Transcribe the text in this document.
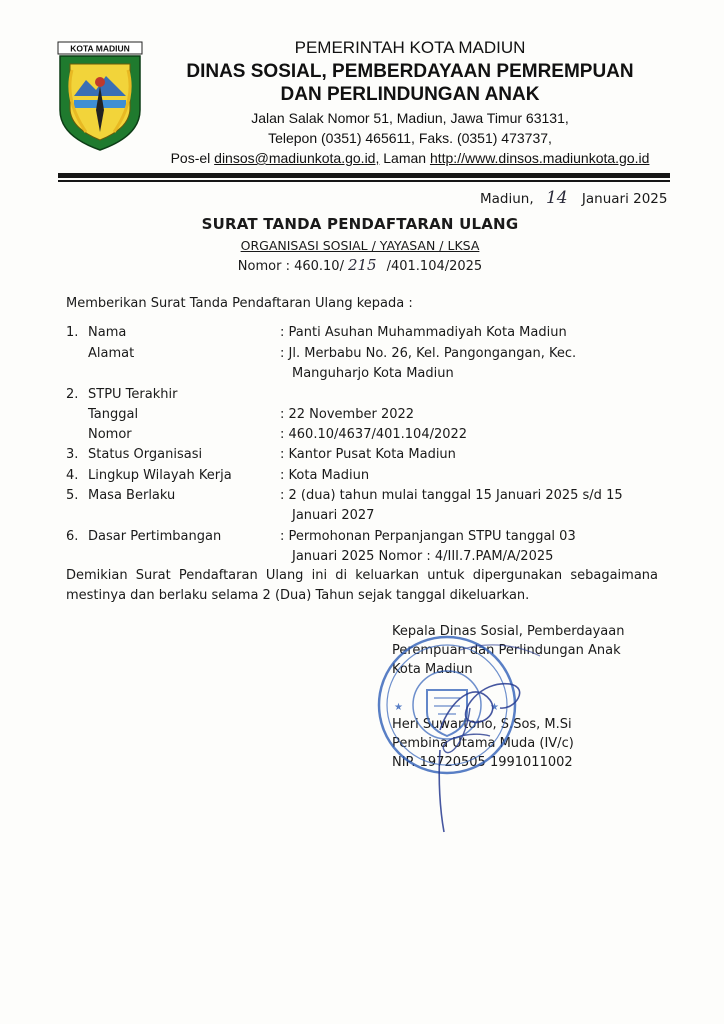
KOTA MADIUN	PEMERINTAH KOTA MADIUN
DINAS SOSIAL, PEMBERDAYAAN PEMREMPUAN
DAN PERLINDUNGAN ANAK
Jalan Salak Nomor 51, Madiun, Jawa Timur 63131,
Telepon (0351) 465611, Faks. (0351) 473737,
Pos-el dinsos@madiunkota.go.id, Laman http://www.dinsos.madiunkota.go.id
Madiun, 14 Januari 2025
SURAT TANDA PENDAFTARAN ULANG
ORGANISASI SOSIAL / YAYASAN / LKSA
Nomor : 460.10/ 215 /401.104/2025
Memberikan Surat Tanda Pendaftaran Ulang kepada :
1. Nama	: Panti Asuhan Muhammadiyah Kota Madiun
Alamat	: Jl. Merbabu No. 26, Kel. Pangongangan, Kec.
Manguharjo Kota Madiun
2. STPU Terakhir
Tanggal	: 22 November 2022
Nomor	: 460.10/4637/401.104/2022
3. Status Organisasi	: Kantor Pusat Kota Madiun
4. Lingkup Wilayah Kerja	: Kota Madiun
5. Masa Berlaku	: 2 (dua) tahun mulai tanggal 15 Januari 2025 s/d 15
Januari 2027
6. Dasar Pertimbangan	: Permohonan Perpanjangan STPU tanggal 03
Januari 2025 Nomor : 4/III.7.PAM/A/2025
Demikian Surat Pendaftaran Ulang ini di keluarkan untuk dipergunakan sebagaimana mestinya dan berlaku selama 2 (Dua) Tahun sejak tanggal dikeluarkan.
Kepala Dinas Sosial, Pemberdayaan
Perempuan dan Perlindungan Anak
Kota Madiun
Heri Suwartono, S.Sos, M.Si
Pembina Utama Muda (IV/c)
NIP. 19720505 1991011002
★	★
